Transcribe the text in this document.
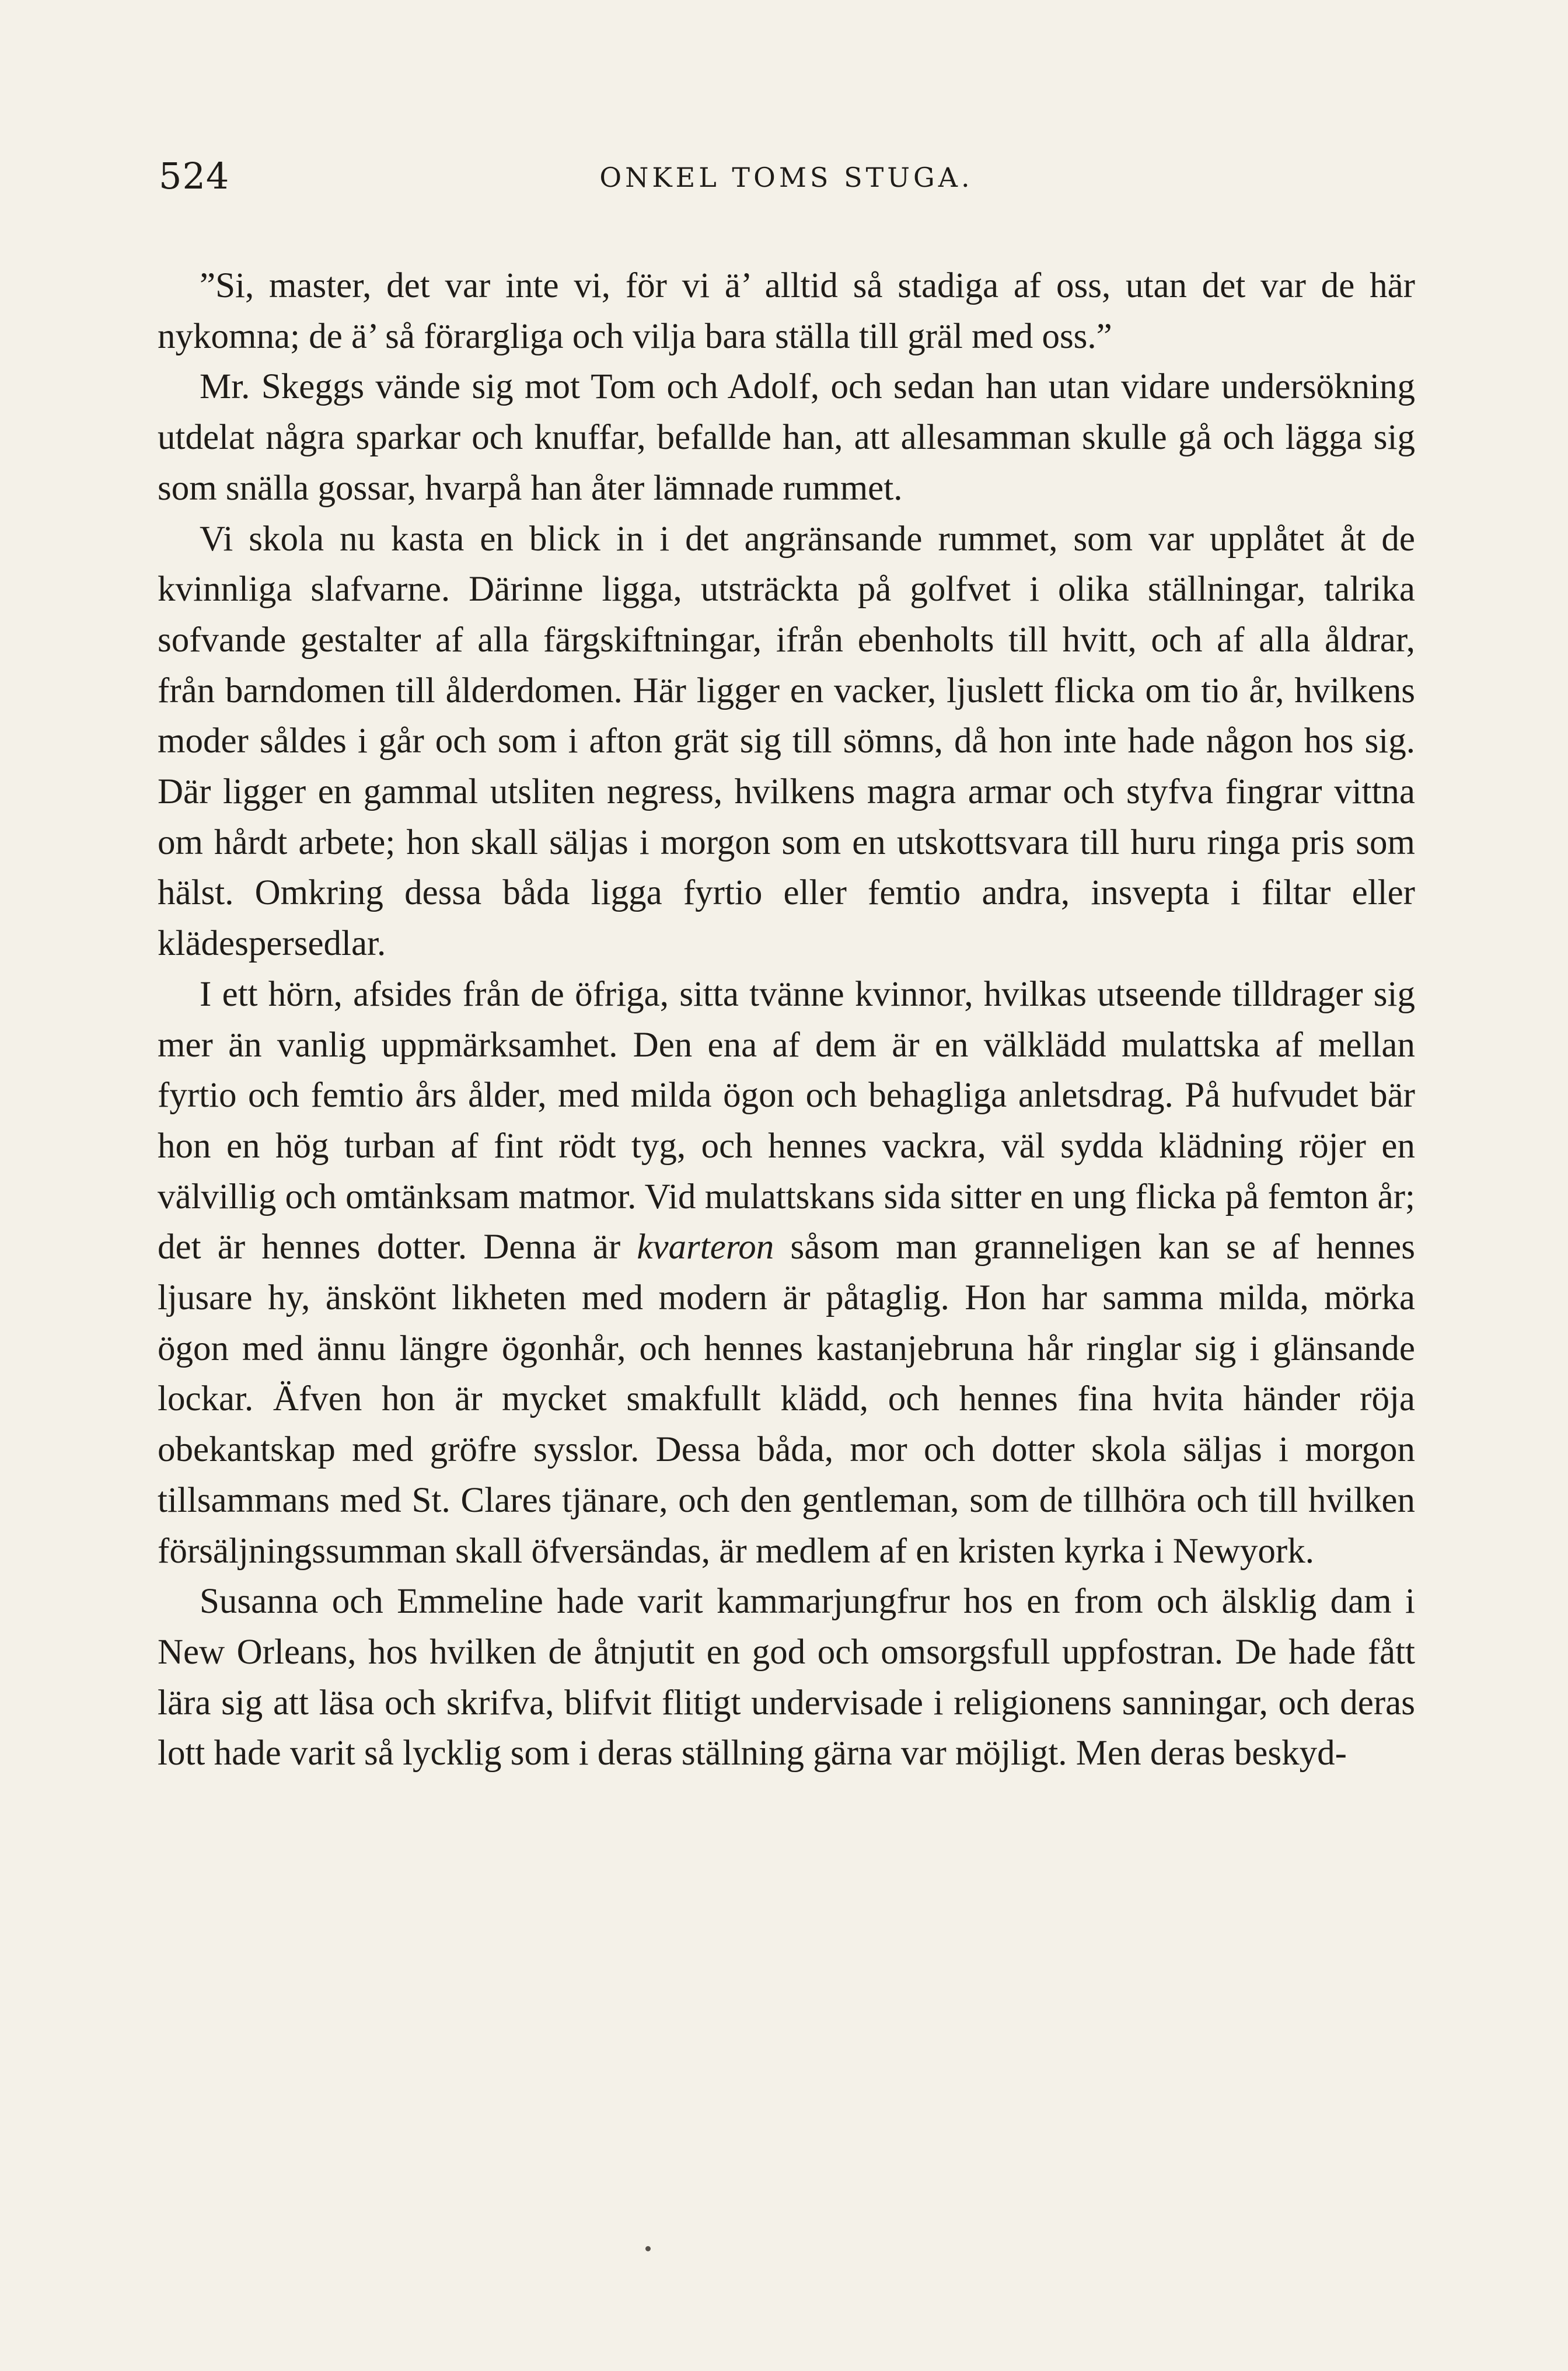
524	ONKEL TOMS STUGA.

”Si, master, det var inte vi, för vi ä’ alltid så stadiga af oss, utan det var de här nykomna; de ä’ så förargliga och vilja bara ställa till gräl med oss.”

Mr. Skeggs vände sig mot Tom och Adolf, och sedan han utan vidare undersökning utdelat några sparkar och knuffar, befallde han, att allesamman skulle gå och lägga sig som snälla gossar, hvarpå han åter lämnade rummet.

Vi skola nu kasta en blick in i det angränsande rummet, som var upplåtet åt de kvinnliga slafvarne. Därinne ligga, utsträckta på golfvet i olika ställningar, talrika sofvande gestalter af alla färgskiftningar, ifrån ebenholts till hvitt, och af alla åldrar, från barndomen till ålderdomen. Här ligger en vacker, ljuslett flicka om tio år, hvilkens moder såldes i går och som i afton grät sig till sömns, då hon inte hade någon hos sig. Där ligger en gammal utsliten negress, hvilkens magra armar och styfva fingrar vittna om hårdt arbete; hon skall säljas i morgon som en utskottsvara till huru ringa pris som hälst. Omkring dessa båda ligga fyrtio eller femtio andra, insvepta i filtar eller klädespersedlar.

I ett hörn, afsides från de öfriga, sitta tvänne kvinnor, hvilkas utseende tilldrager sig mer än vanlig uppmärksamhet. Den ena af dem är en välklädd mulattska af mellan fyrtio och femtio års ålder, med milda ögon och behagliga anletsdrag. På hufvudet bär hon en hög turban af fint rödt tyg, och hennes vackra, väl sydda klädning röjer en välvillig och omtänksam matmor. Vid mulattskans sida sitter en ung flicka på femton år; det är hennes dotter. Denna är kvarteron såsom man granneligen kan se af hennes ljusare hy, änskönt likheten med modern är påtaglig. Hon har samma milda, mörka ögon med ännu längre ögonhår, och hennes kastanjebruna hår ringlar sig i glänsande lockar. Äfven hon är mycket smakfullt klädd, och hennes fina hvita händer röja obekantskap med gröfre sysslor. Dessa båda, mor och dotter skola säljas i morgon tillsammans med St. Clares tjänare, och den gentleman, som de tillhöra och till hvilken försäljningssumman skall öfversändas, är medlem af en kristen kyrka i Newyork.

Susanna och Emmeline hade varit kammarjungfrur hos en from och älsklig dam i New Orleans, hos hvilken de åtnjutit en god och omsorgsfull uppfostran. De hade fått lära sig att läsa och skrifva, blifvit flitigt undervisade i religionens sanningar, och deras lott hade varit så lycklig som i deras ställning gärna var möjligt. Men deras beskyd-
